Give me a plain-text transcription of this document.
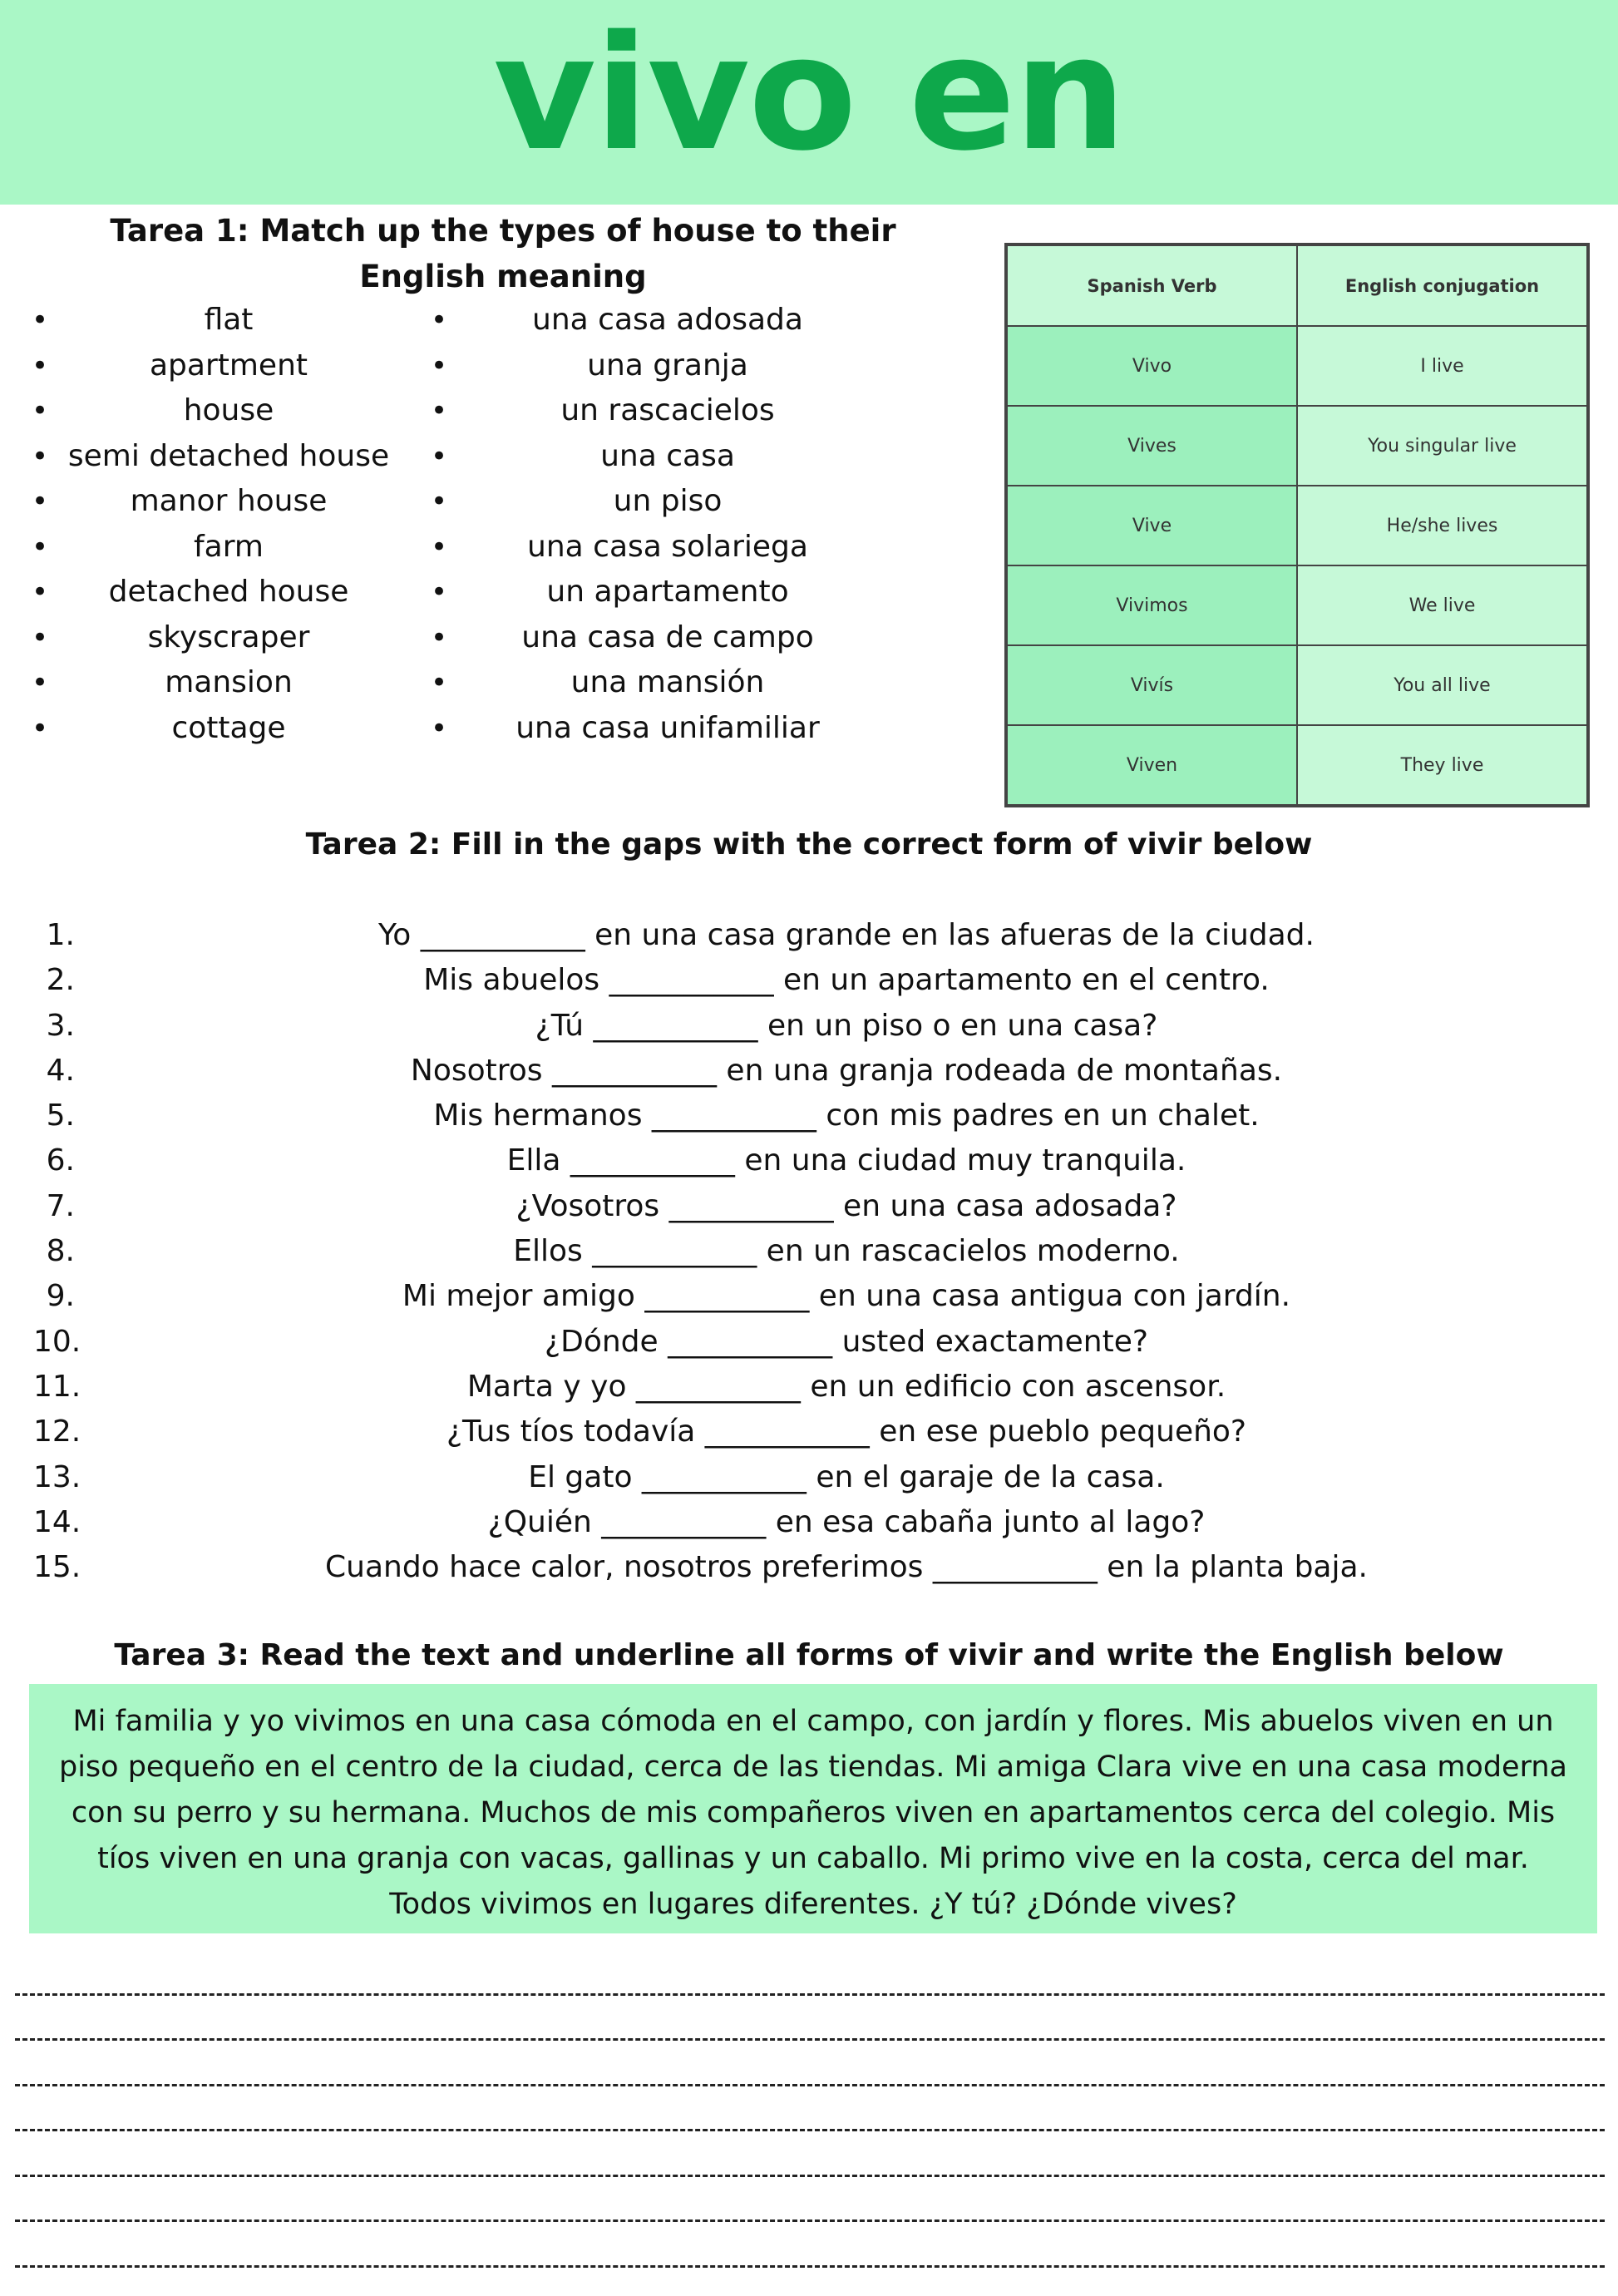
vivo en
Tarea 1: Match up the types of house to their English meaning
• flat
• apartment
• house
• semi detached house
• manor house
• farm
• detached house
• skyscraper
• mansion
• cottage
• una casa adosada
• una granja
• un rascacielos
• una casa
• un piso
• una casa solariega
• un apartamento
• una casa de campo
• una mansión
• una casa unifamiliar
Spanish Verb	English conjugation
Vivo	I live
Vives	You singular live
Vive	He/she lives
Vivimos	We live
Vivís	You all live
Viven	They live
Tarea 2: Fill in the gaps with the correct form of vivir below
1.	Yo ___________ en una casa grande en las afueras de la ciudad.
2.	Mis abuelos ___________ en un apartamento en el centro.
3.	¿Tú ___________ en un piso o en una casa?
4.	Nosotros ___________ en una granja rodeada de montañas.
5.	Mis hermanos ___________ con mis padres en un chalet.
6.	Ella ___________ en una ciudad muy tranquila.
7.	¿Vosotros ___________ en una casa adosada?
8.	Ellos ___________ en un rascacielos moderno.
9.	Mi mejor amigo ___________ en una casa antigua con jardín.
10.	¿Dónde ___________ usted exactamente?
11.	Marta y yo ___________ en un edificio con ascensor.
12.	¿Tus tíos todavía ___________ en ese pueblo pequeño?
13.	El gato ___________ en el garaje de la casa.
14.	¿Quién ___________ en esa cabaña junto al lago?
15.	Cuando hace calor, nosotros preferimos ___________ en la planta baja.
Tarea 3: Read the text and underline all forms of vivir and write the English below
Mi familia y yo vivimos en una casa cómoda en el campo, con jardín y flores. Mis abuelos viven en un piso pequeño en el centro de la ciudad, cerca de las tiendas. Mi amiga Clara vive en una casa moderna con su perro y su hermana. Muchos de mis compañeros viven en apartamentos cerca del colegio. Mis tíos viven en una granja con vacas, gallinas y un caballo. Mi primo vive en la costa, cerca del mar. Todos vivimos en lugares diferentes. ¿Y tú? ¿Dónde vives?
